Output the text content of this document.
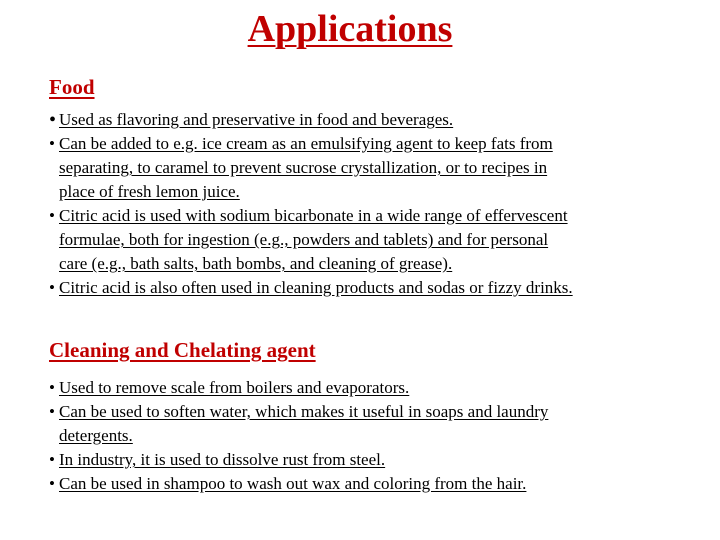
Applications
Food
• Used as flavoring and preservative in food and beverages.
• Can be added to e.g. ice cream as an emulsifying agent to keep fats from
separating, to caramel to prevent sucrose crystallization, or to recipes in
place of fresh lemon juice.
• Citric acid is used with sodium bicarbonate in a wide range of effervescent
formulae, both for ingestion (e.g., powders and tablets) and for personal
care (e.g., bath salts, bath bombs, and cleaning of grease).
• Citric acid is also often used in cleaning products and sodas or fizzy drinks.
Cleaning and Chelating agent
• Used to remove scale from boilers and evaporators.
• Can be used to soften water, which makes it useful in soaps and laundry
detergents.
• In industry, it is used to dissolve rust from steel.
• Can be used in shampoo to wash out wax and coloring from the hair.
